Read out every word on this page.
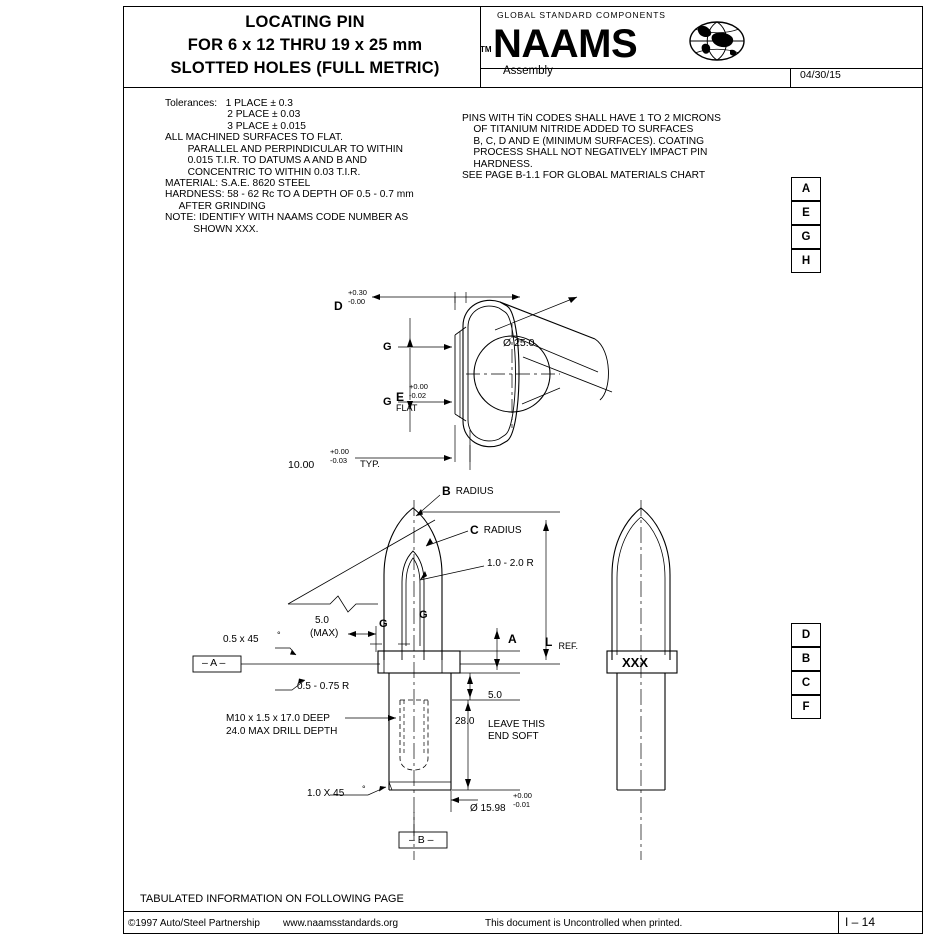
LOCATING PIN
FOR 6 x 12 THRU 19 x 25 mm
SLOTTED HOLES (FULL METRIC)
GLOBAL STANDARD COMPONENTS
NAAMS
TM
Assembly	04/30/15
Tolerances:   1 PLACE ± 0.3
2 PLACE ± 0.03
3 PLACE ± 0.015
ALL MACHINED SURFACES TO FLAT.
PARALLEL AND PERPINDICULAR TO WITHIN
0.015 T.I.R. TO DATUMS A AND B AND
CONCENTRIC TO WITHIN 0.03 T.I.R.
MATERIAL: S.A.E. 8620 STEEL
HARDNESS: 58 - 62 Rc TO A DEPTH OF 0.5 - 0.7 mm
AFTER GRINDING
NOTE: IDENTIFY WITH NAAMS CODE NUMBER AS
SHOWN XXX.
PINS WITH TiN CODES SHALL HAVE 1 TO 2 MICRONS
OF TITANIUM NITRIDE ADDED TO SURFACES
B, C, D AND E (MINIMUM SURFACES). COATING
PROCESS SHALL NOT NEGATIVELY IMPACT PIN
HARDNESS.
SEE PAGE B-1.1 FOR GLOBAL MATERIALS CHART
A
E
G
H
D
B
C
F
D
+0.30
-0.00
G
G E
FLAT
+0.00
-0.02
Ø 25.0
10.00
+0.00
-0.03 TYP.
B RADIUS
C RADIUS
1.0 - 2.0 R
0.5 x 45 °
5.0
(MAX)
G
G
– A –
0.5 - 0.75 R
M10 x 1.5 x 17.0 DEEP
24.0 MAX DRILL DEPTH
1.0 X 45 °
A L REF.
5.0
28.0 LEAVE THIS
END SOFT
Ø 15.98
+0.00
-0.01
– B –
XXX
TABULATED INFORMATION ON FOLLOWING PAGE
©1997 Auto/Steel Partnership www.naamsstandards.org	This document is Uncontrolled when printed.	I – 14
